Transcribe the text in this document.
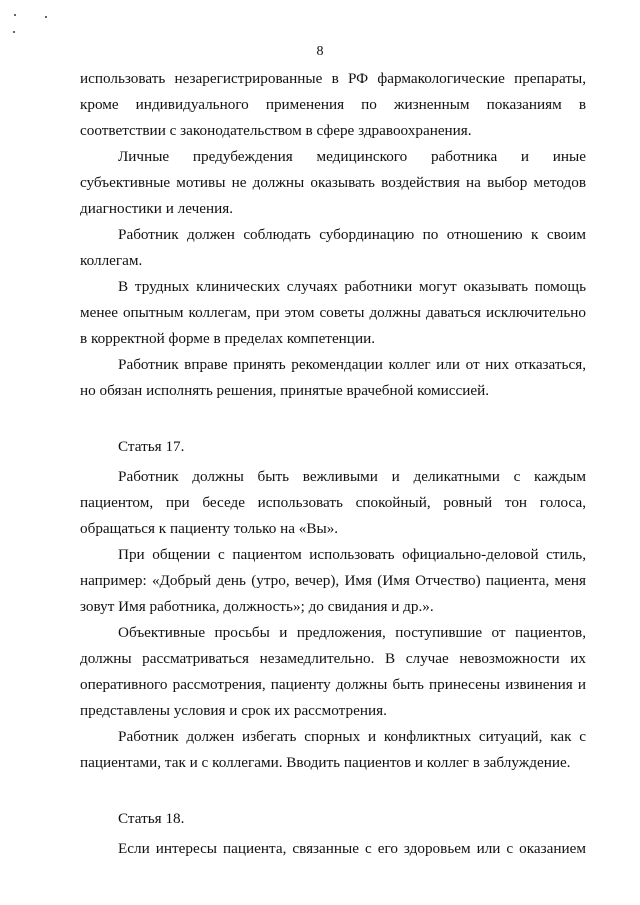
8

использовать незарегистрированные в РФ фармакологические препараты,
кроме индивидуального применения по жизненным показаниям в
соответствии с законодательством в сфере здравоохранения.

Личные предубеждения медицинского работника и иные
субъективные мотивы не должны оказывать воздействия на выбор методов
диагностики и лечения.

Работник должен соблюдать субординацию по отношению к своим
коллегам.

В трудных клинических случаях работники могут оказывать помощь
менее опытным коллегам, при этом советы должны даваться исключительно
в корректной форме в пределах компетенции.

Работник вправе принять рекомендации коллег или от них отказаться,
но обязан исполнять решения, принятые врачебной комиссией.

Статья 17.

Работник должны быть вежливыми и деликатными с каждым
пациентом, при беседе использовать спокойный, ровный тон голоса,
обращаться к пациенту только на «Вы».

При общении с пациентом использовать официально-деловой стиль,
например: «Добрый день (утро, вечер), Имя (Имя Отчество) пациента, меня
зовут Имя работника, должность»; до свидания и др.».

Объективные просьбы и предложения, поступившие от пациентов,
должны рассматриваться незамедлительно. В случае невозможности их
оперативного рассмотрения, пациенту должны быть принесены извинения и
представлены условия и срок их рассмотрения.

Работник должен избегать спорных и конфликтных ситуаций, как с
пациентами, так и с коллегами. Вводить пациентов и коллег в заблуждение.

Статья 18.

Если интересы пациента, связанные с его здоровьем или с оказанием
